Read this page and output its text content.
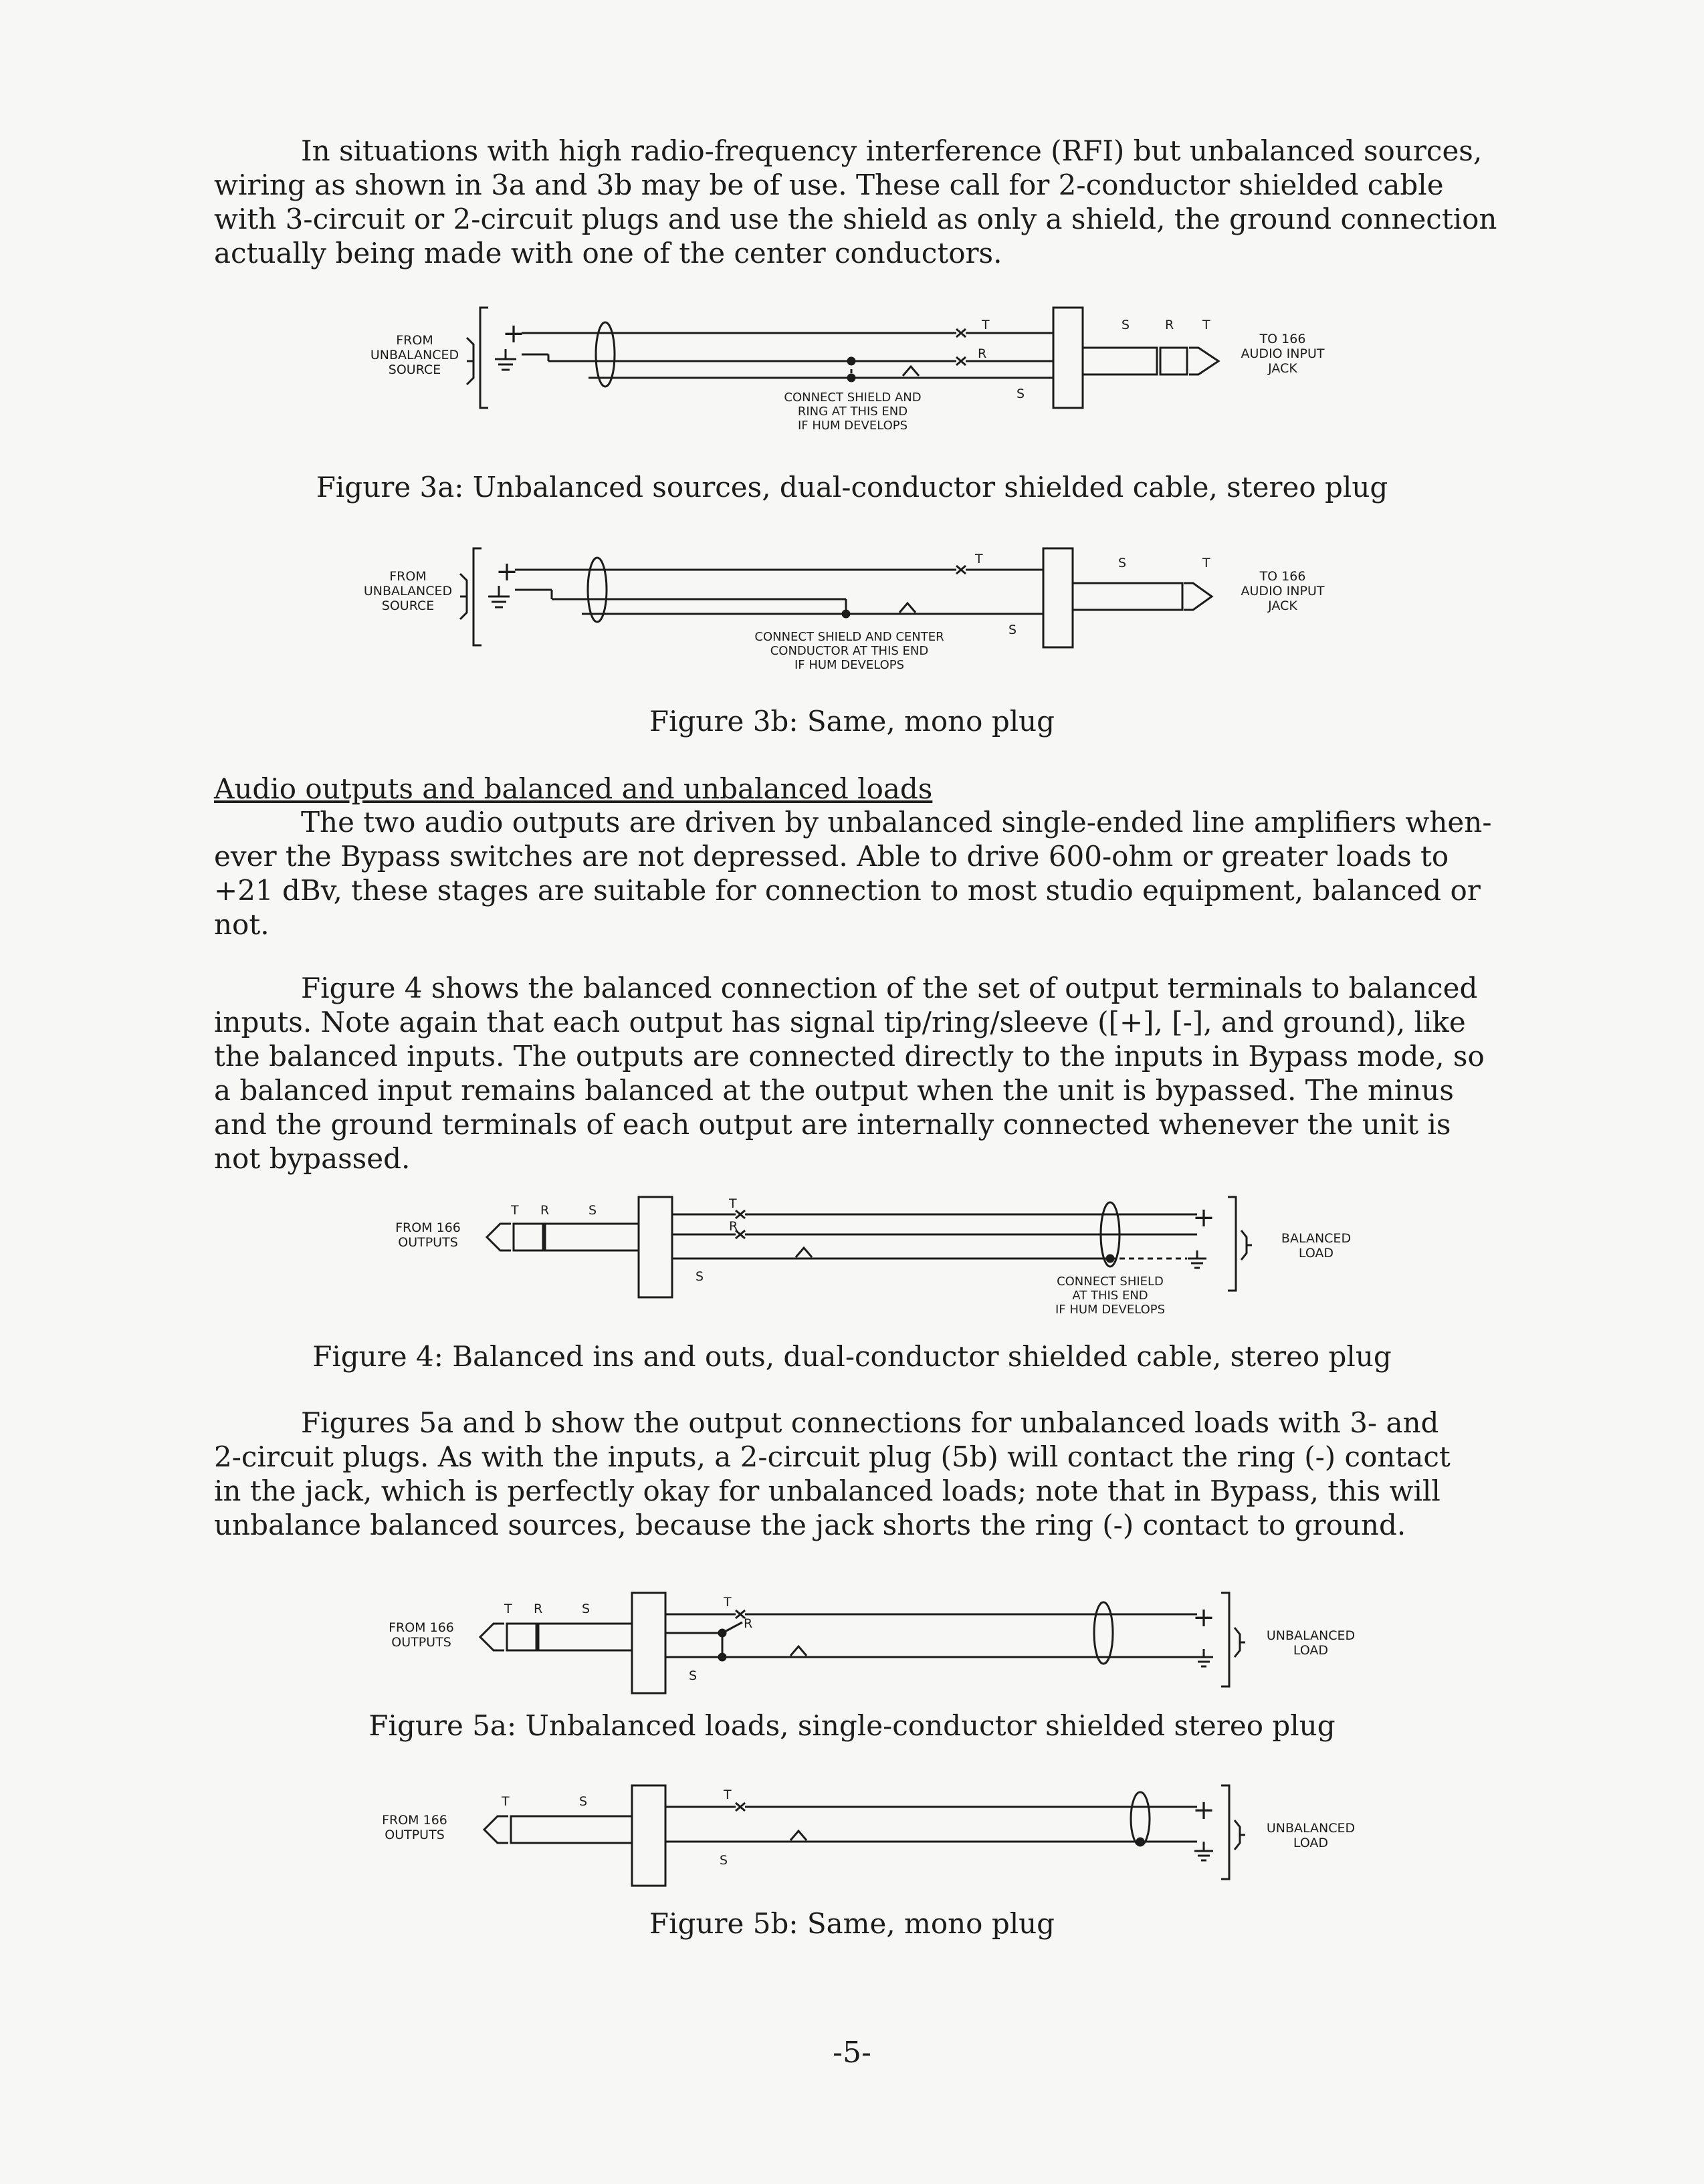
In situations with high radio-frequency interference (RFI) but unbalanced sources,
wiring as shown in 3a and 3b may be of use. These call for 2-conductor shielded cable
with 3-circuit or 2-circuit plugs and use the shield as only a shield, the ground connection
actually being made with one of the center conductors.
FROM
UNBALANCED
SOURCE
+	T
R
S
S	R T
TO 166
AUDIO INPUT
JACK
CONNECT SHIELD AND
RING AT THIS END
IF HUM DEVELOPS
Figure 3a: Unbalanced sources, dual-conductor shielded cable, stereo plug
FROM
UNBALANCED
SOURCE
+	T
S
S	T
TO 166
AUDIO INPUT
JACK
CONNECT SHIELD AND CENTER
CONDUCTOR AT THIS END
IF HUM DEVELOPS
Figure 3b: Same, mono plug
Audio outputs and balanced and unbalanced loads
The two audio outputs are driven by unbalanced single-ended line amplifiers when-
ever the Bypass switches are not depressed. Able to drive 600-ohm or greater loads to
+21 dBv, these stages are suitable for connection to most studio equipment, balanced or
not.
Figure 4 shows the balanced connection of the set of output terminals to balanced
inputs. Note again that each output has signal tip/ring/sleeve ([+], [-], and ground), like
the balanced inputs. The outputs are connected directly to the inputs in Bypass mode, so
a balanced input remains balanced at the output when the unit is bypassed. The minus
and the ground terminals of each output are internally connected whenever the unit is
not bypassed.
FROM 166
OUTPUTS
T R	S
S
T
R	+
BALANCED
LOAD
CONNECT SHIELD
AT THIS END
IF HUM DEVELOPS
Figure 4: Balanced ins and outs, dual-conductor shielded cable, stereo plug
Figures 5a and b show the output connections for unbalanced loads with 3- and
2-circuit plugs. As with the inputs, a 2-circuit plug (5b) will contact the ring (-) contact
in the jack, which is perfectly okay for unbalanced loads; note that in Bypass, this will
unbalance balanced sources, because the jack shorts the ring (-) contact to ground.
FROM 166
OUTPUTS
T R	S
S
T
R	+
UNBALANCED
LOAD
Figure 5a: Unbalanced loads, single-conductor shielded stereo plug
FROM 166
OUTPUTS
T	S
S
T	+
UNBALANCED
LOAD
Figure 5b: Same, mono plug
-5-
